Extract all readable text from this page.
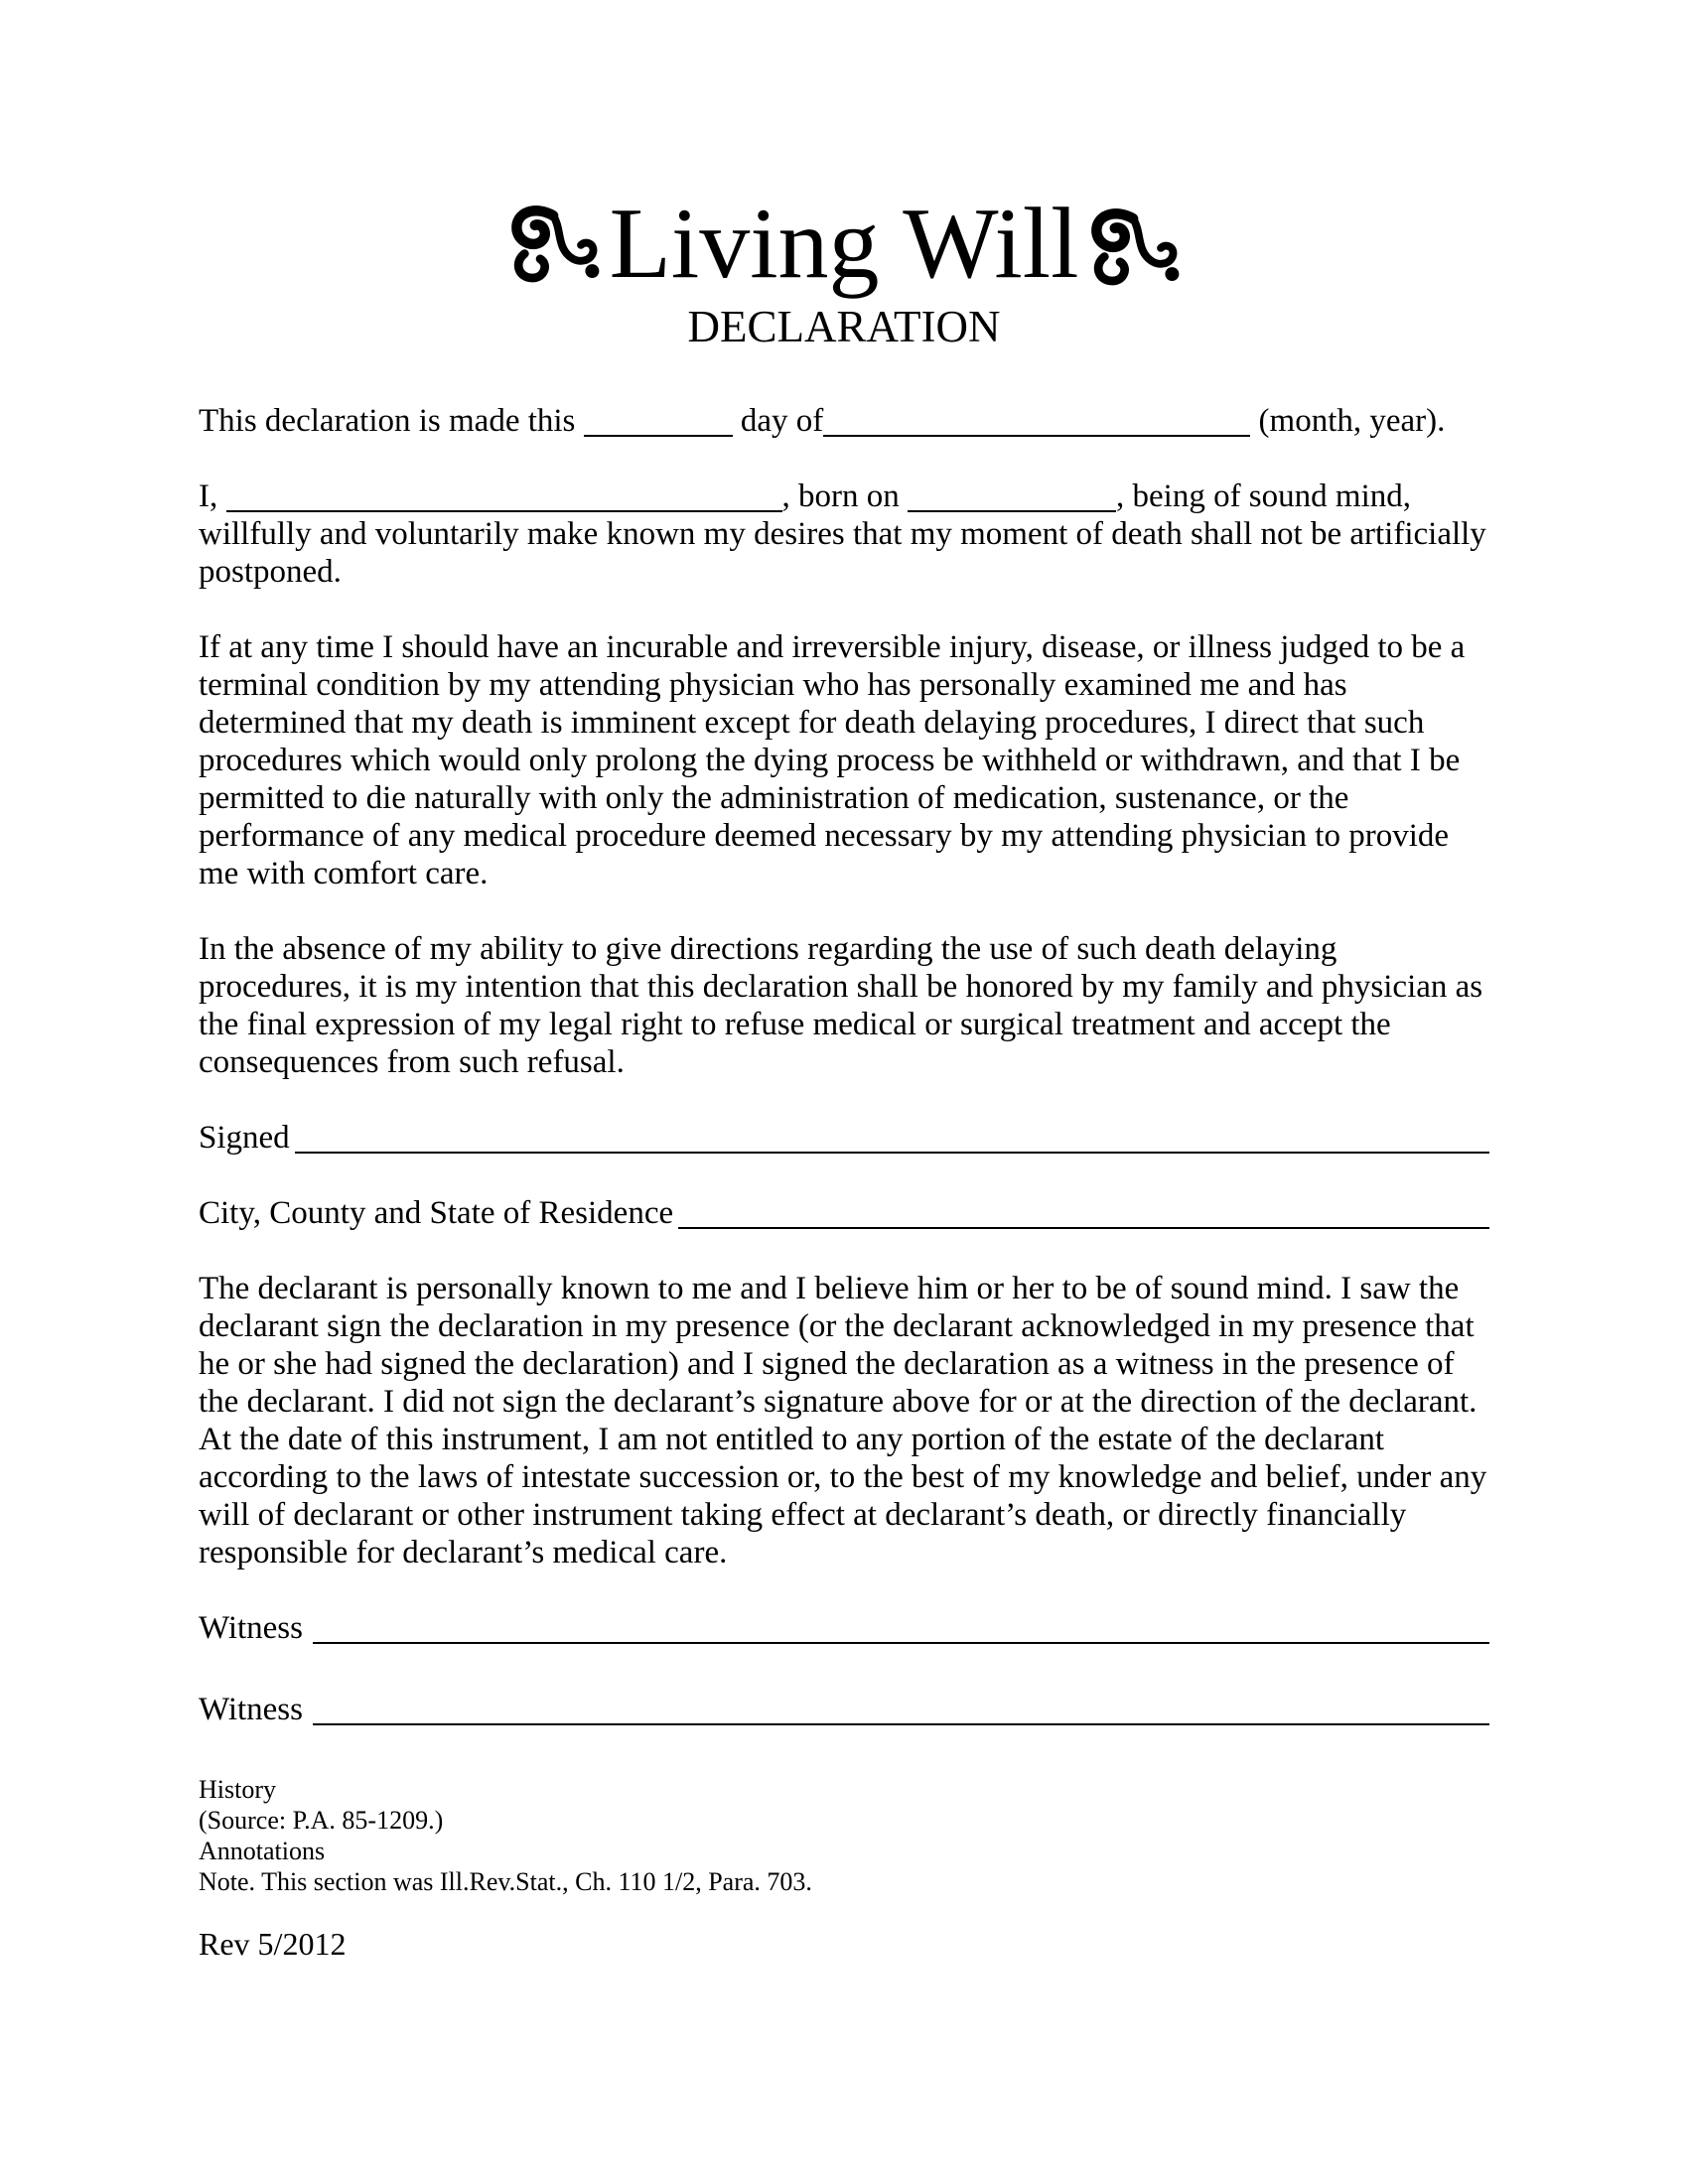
Living Will
DECLARATION

This declaration is made this	day of	(month, year).

I,	, born on	, being of sound mind, willfully and voluntarily make known my desires that my moment of death shall not be artificially postponed.

If at any time I should have an incurable and irreversible injury, disease, or illness judged to be a terminal condition by my attending physician who has personally examined me and has determined that my death is imminent except for death delaying procedures, I direct that such procedures which would only prolong the dying process be withheld or withdrawn, and that I be permitted to die naturally with only the administration of medication, sustenance, or the performance of any medical procedure deemed necessary by my attending physician to provide me with comfort care.

In the absence of my ability to give directions regarding the use of such death delaying procedures, it is my intention that this declaration shall be honored by my family and physician as the final expression of my legal right to refuse medical or surgical treatment and accept the consequences from such refusal.

Signed
City, County and State of Residence

The declarant is personally known to me and I believe him or her to be of sound mind. I saw the declarant sign the declaration in my presence (or the declarant acknowledged in my presence that he or she had signed the declaration) and I signed the declaration as a witness in the presence of the declarant. I did not sign the declarant’s signature above for or at the direction of the declarant. At the date of this instrument, I am not entitled to any portion of the estate of the declarant according to the laws of intestate succession or, to the best of my knowledge and belief, under any will of declarant or other instrument taking effect at declarant’s death, or directly financially responsible for declarant’s medical care.

Witness
Witness
History
(Source: P.A. 85-1209.)
Annotations
Note. This section was Ill.Rev.Stat., Ch. 110 1/2, Para. 703.
Rev 5/2012
